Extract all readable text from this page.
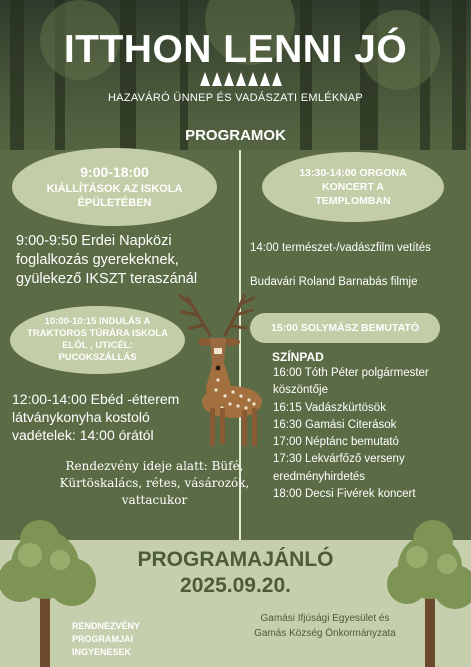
ITTHON LENNI JÓ
HAZAVÁRÓ ÜNNEP ÉS VADÁSZATI EMLÉKNAP
PROGRAMOK
9:00-18:00
KIÁLLÍTÁSOK AZ ISKOLA ÉPÜLETÉBEN
9:00-9:50 Erdei Napközi foglalkozás gyerekeknek, gyülekező IKSZT teraszánál
10:00-10:15 INDULÁS A TRAKTOROS TÚRÁRA ISKOLA ELŐL , UTICÉL: PUCOKSZÁLLÁS
12:00-14:00 Ebéd -étterem látványkonyha kostoló vadételek: 14:00 órától
Rendezvény ideje alatt: Büfé, Kürtöskalács, rétes, vásározók, vattacukor
13:30-14:00 ORGONA KONCERT A TEMPLOMBAN
14:00 természet-/vadászfilm vetítés
Budavári Roland Barnabás filmje
15:00 SOLYMÁSZ BEMUTATÓ
SZÍNPAD
16:00 Tóth Péter polgármester köszöntője
16:15 Vadászkürtösök
16:30 Gamási Citerások
17:00 Néptánc bemutató
17:30 Lekvárfőző verseny eredményhirdetés
18:00 Decsi Fivérek koncert
PROGRAMAJÁNLÓ
2025.09.20.
RENDNEZVÉNY PROGRAMJAI INGYENESEK
Gamási Ifjúsági Egyesület és Gamás Község Önkormányzata
